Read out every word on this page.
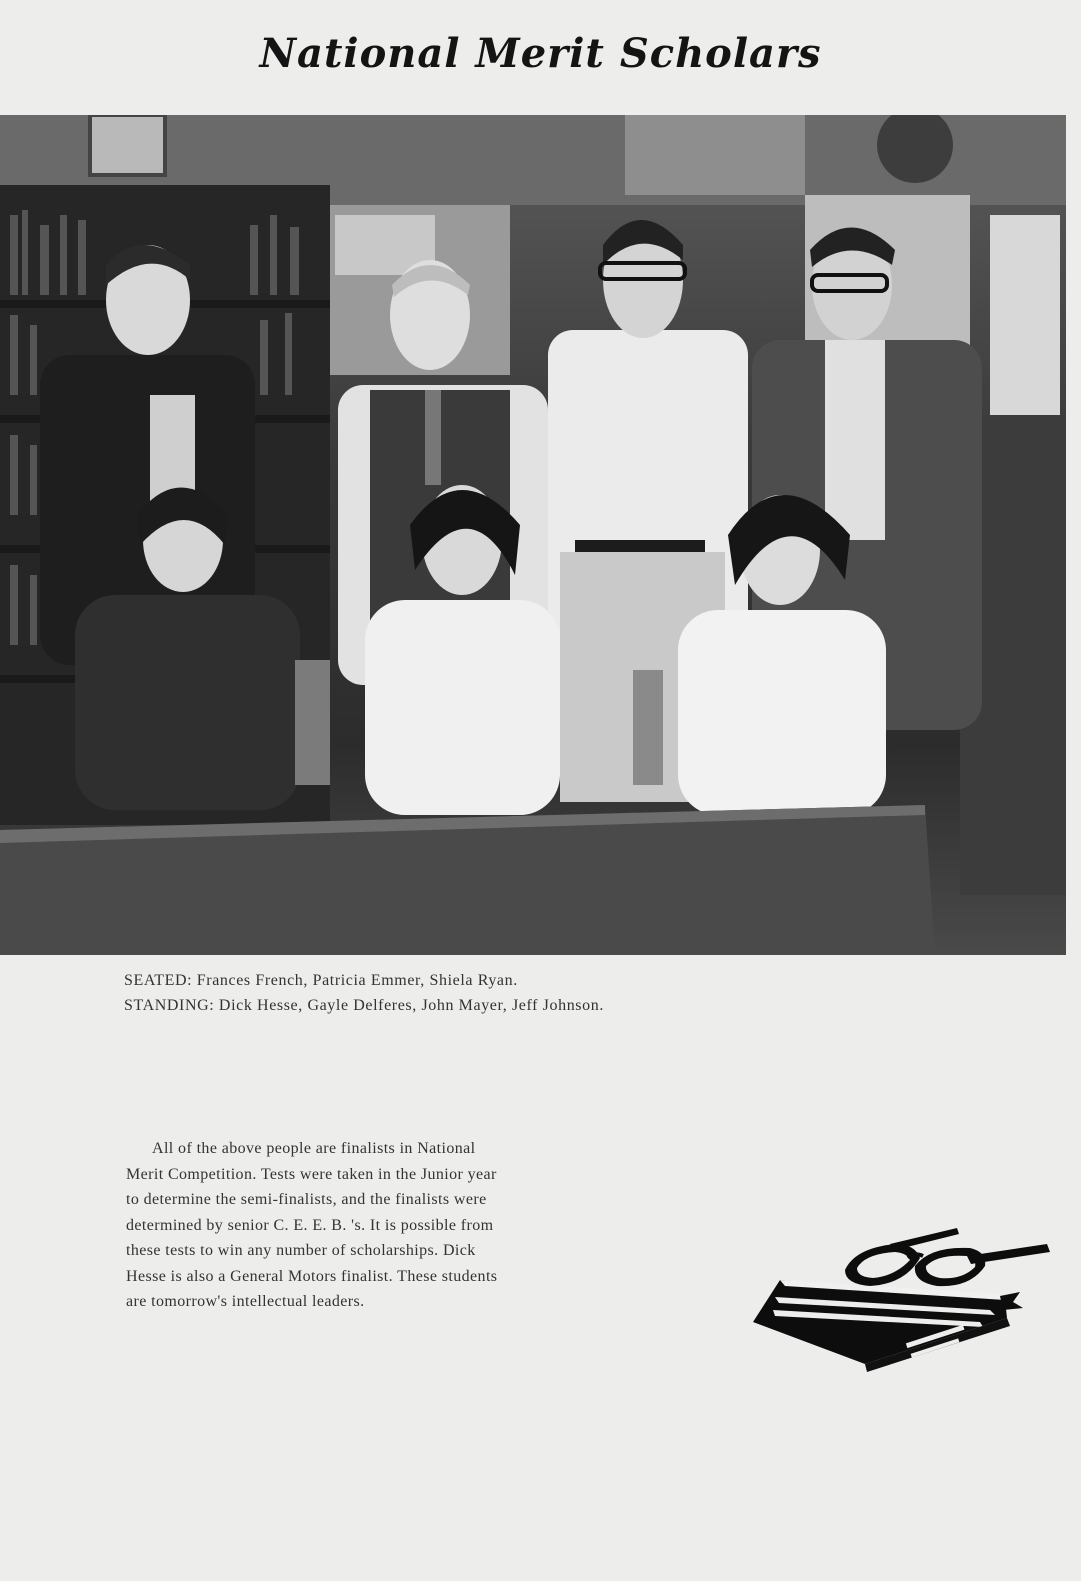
National Merit Scholars
SEATED: Frances French, Patricia Emmer, Shiela Ryan.
STANDING: Dick Hesse, Gayle Delferes, John Mayer, Jeff Johnson.
All of the above people are finalists in National
Merit Competition. Tests were taken in the Junior year
to determine the semi-finalists, and the finalists were
determined by senior C. E. E. B. 's. It is possible from
these tests to win any number of scholarships. Dick
Hesse is also a General Motors finalist. These students
are tomorrow's intellectual leaders.
